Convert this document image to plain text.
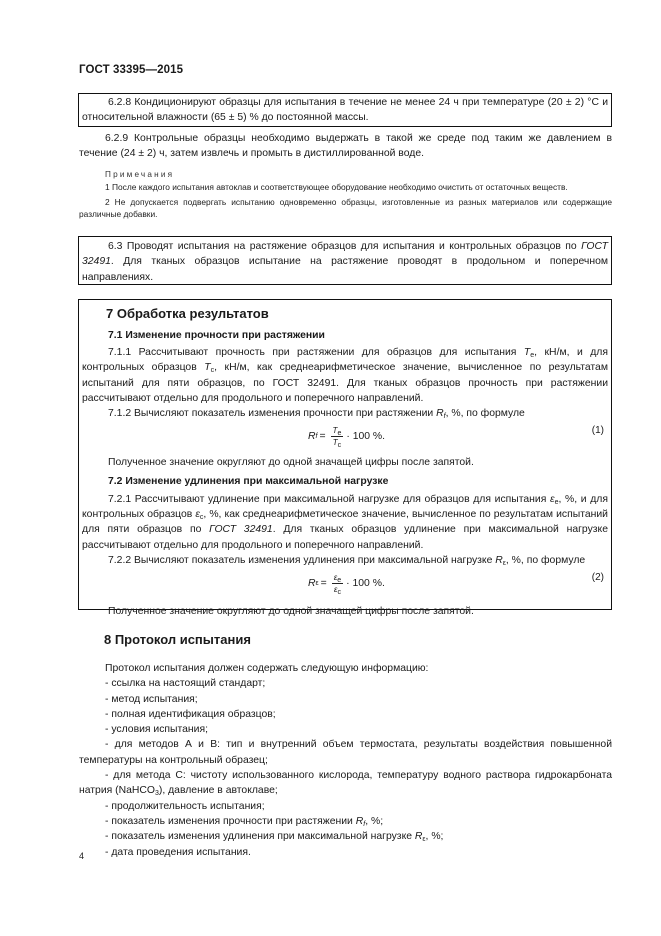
ГОСТ 33395—2015

6.2.8 Кондиционируют образцы для испытания в течение не менее 24 ч при температуре (20 ± 2) °С и относительной влажности (65 ± 5) % до постоянной массы.

6.2.9 Контрольные образцы необходимо выдержать в такой же среде под таким же давлением в течение (24 ± 2) ч, затем извлечь и промыть в дистиллированной воде.

Примечания

1 После каждого испытания автоклав и соответствующее оборудование необходимо очистить от остаточных веществ.

2 Не допускается подвергать испытанию одновременно образцы, изготовленные из разных материалов или содержащие различные добавки.

6.3 Проводят испытания на растяжение образцов для испытания и контрольных образцов по ГОСТ 32491. Для тканых образцов испытание на растяжение проводят в продольном и поперечном направлениях.

7 Обработка результатов
7.1 Изменение прочности при растяжении

7.1.1 Рассчитывают прочность при растяжении для образцов для испытания $T_e$, кН/м, и для контрольных образцов $T_c$, кН/м, как среднеарифметическое значение, вычисленное по результатам испытаний для пяти образцов, по ГОСТ 32491. Для тканых образцов прочность при растяжении рассчитывают отдельно для продольного и поперечного направлений.

7.1.2 Вычисляют показатель изменения прочности при растяжении $R_f$, %, по формуле

R $f = \frac{T_e}{T_c} \cdot 100$ %.
(1)

Полученное значение округляют до одной значащей цифры после запятой.

7.2 Изменение удлинения при максимальной нагрузке

7.2.1 Рассчитывают удлинение при максимальной нагрузке для образцов для испытания $\varepsilon_e$, %, и для контрольных образцов $\varepsilon_c$, %, как среднеарифметическое значение, вычисленное по результатам испытаний для пяти образцов по ГОСТ 32491. Для тканых образцов удлинение при максимальной нагрузке рассчитывают отдельно для продольного и поперечного направлений.

7.2.2 Вычисляют показатель изменения удлинения при максимальной нагрузке $R_\varepsilon$, %, по формуле

R $\varepsilon = \frac{\varepsilon_e}{\varepsilon_c} \cdot 100$ %.
(2)

Полученное значение округляют до одной значащей цифры после запятой.

8 Протокол испытания

Протокол испытания должен содержать следующую информацию:

- ссылка на настоящий стандарт;

- метод испытания;

- полная идентификация образцов;

- условия испытания;

- для методов А и В: тип и внутренний объем термостата, результаты воздействия повышенной температуры на контрольный образец;

- для метода С: чистоту использованного кислорода, температуру водного раствора гидрокарбоната натрия (NaHCO$_3$), давление в автоклаве;

- продолжительность испытания;

- показатель изменения прочности при растяжении $R_f$, %;

- показатель изменения удлинения при максимальной нагрузке $R_\varepsilon$, %;

- дата проведения испытания.

4
